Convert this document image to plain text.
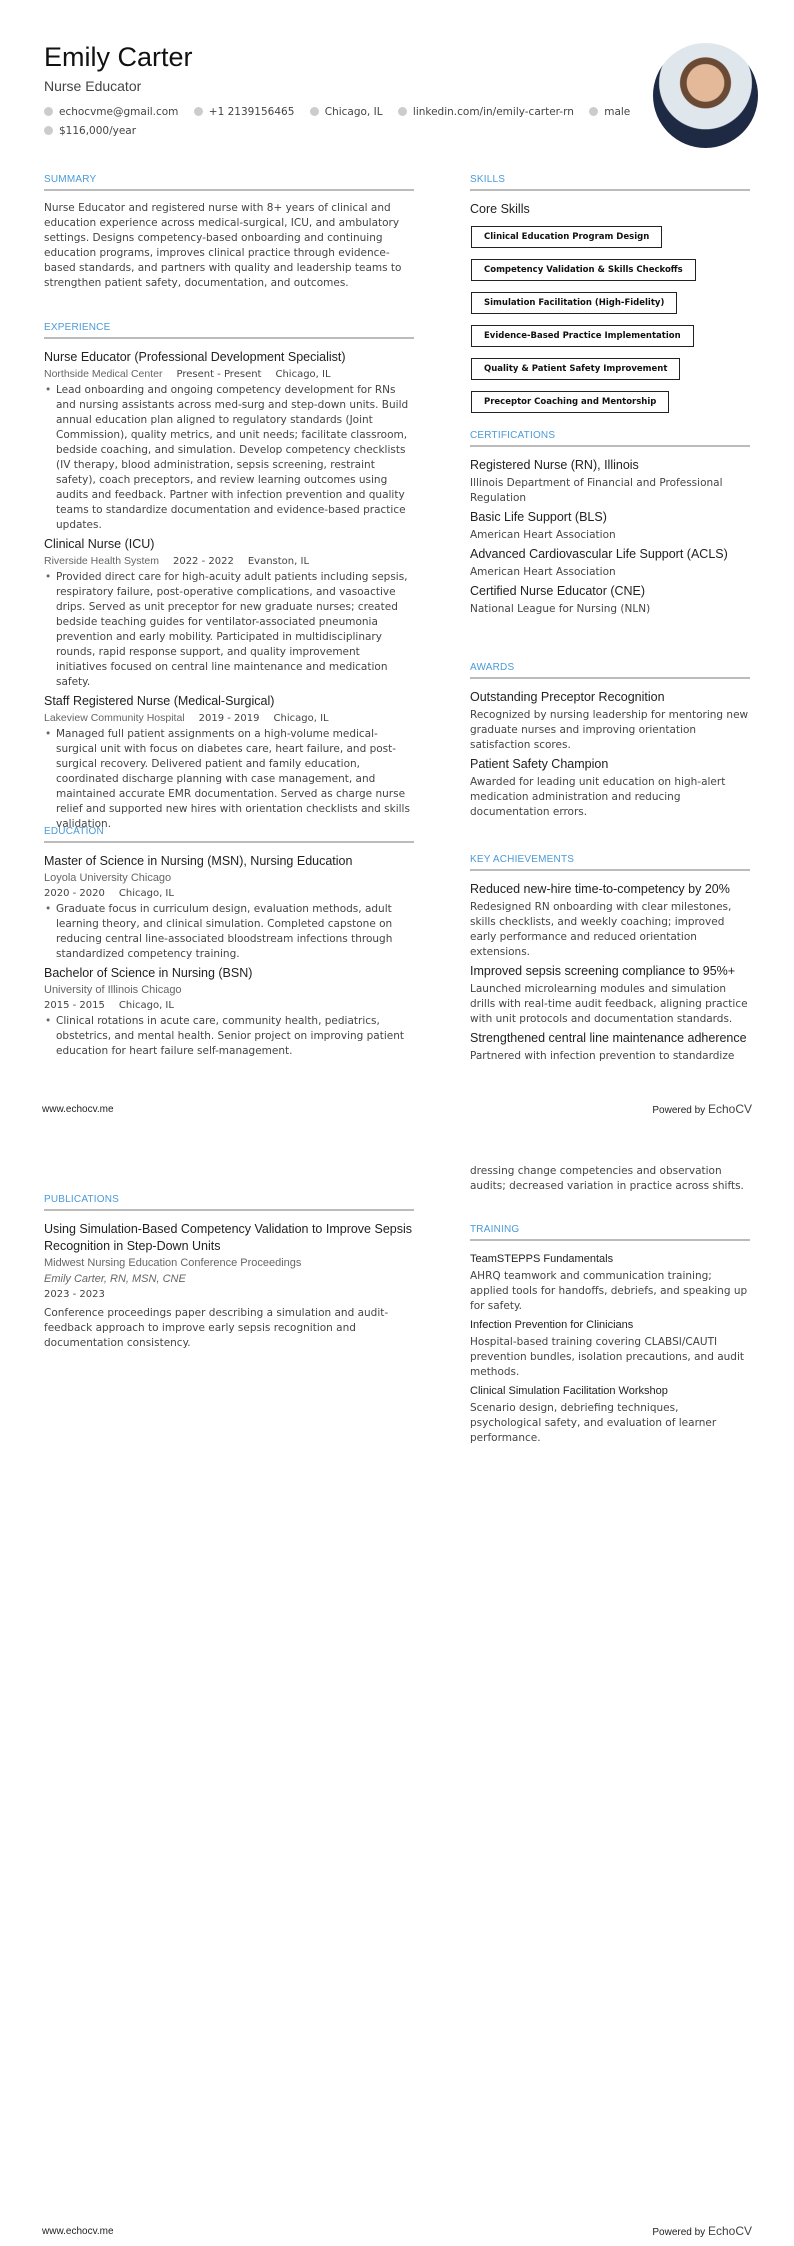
Emily Carter
Nurse Educator
echocvme@gmail.com	+1 2139156465	Chicago, IL	linkedin.com/in/emily-carter-rn	male
$116,000/year
SUMMARY
Nurse Educator and registered nurse with 8+ years of clinical and education experience across medical-surgical, ICU, and ambulatory settings. Designs competency-based onboarding and continuing education programs, improves clinical practice through evidence-based standards, and partners with quality and leadership teams to strengthen patient safety, documentation, and outcomes.
EXPERIENCE
Nurse Educator (Professional Development Specialist)
Northside Medical Center Present - Present Chicago, IL
• Lead onboarding and ongoing competency development for RNs and nursing assistants across med-surg and step-down units. Build annual education plan aligned to regulatory standards (Joint Commission), quality metrics, and unit needs; facilitate classroom, bedside coaching, and simulation. Develop competency checklists (IV therapy, blood administration, sepsis screening, restraint safety), coach preceptors, and review learning outcomes using audits and feedback. Partner with infection prevention and quality teams to standardize documentation and evidence-based practice updates.
Clinical Nurse (ICU)
Riverside Health System 2022 - 2022 Evanston, IL
• Provided direct care for high-acuity adult patients including sepsis, respiratory failure, post-operative complications, and vasoactive drips. Served as unit preceptor for new graduate nurses; created bedside teaching guides for ventilator-associated pneumonia prevention and early mobility. Participated in multidisciplinary rounds, rapid response support, and quality improvement initiatives focused on central line maintenance and medication safety.
Staff Registered Nurse (Medical-Surgical)
Lakeview Community Hospital 2019 - 2019 Chicago, IL
• Managed full patient assignments on a high-volume medical-surgical unit with focus on diabetes care, heart failure, and post-surgical recovery. Delivered patient and family education, coordinated discharge planning with case management, and maintained accurate EMR documentation. Served as charge nurse relief and supported new hires with orientation checklists and skills validation.
EDUCATION
Master of Science in Nursing (MSN), Nursing Education
Loyola University Chicago
2020 - 2020 Chicago, IL
• Graduate focus in curriculum design, evaluation methods, adult learning theory, and clinical simulation. Completed capstone on reducing central line-associated bloodstream infections through standardized competency training.
Bachelor of Science in Nursing (BSN)
University of Illinois Chicago
2015 - 2015 Chicago, IL
• Clinical rotations in acute care, community health, pediatrics, obstetrics, and mental health. Senior project on improving patient education for heart failure self-management.
SKILLS
Core Skills
Clinical Education Program Design
Competency Validation & Skills Checkoffs
Simulation Facilitation (High-Fidelity)
Evidence-Based Practice Implementation
Quality & Patient Safety Improvement
Preceptor Coaching and Mentorship
CERTIFICATIONS
Registered Nurse (RN), Illinois
Illinois Department of Financial and Professional Regulation
Basic Life Support (BLS)
American Heart Association
Advanced Cardiovascular Life Support (ACLS)
American Heart Association
Certified Nurse Educator (CNE)
National League for Nursing (NLN)
AWARDS
Outstanding Preceptor Recognition
Recognized by nursing leadership for mentoring new graduate nurses and improving orientation satisfaction scores.
Patient Safety Champion
Awarded for leading unit education on high-alert medication administration and reducing documentation errors.
KEY ACHIEVEMENTS
Reduced new-hire time-to-competency by 20%
Redesigned RN onboarding with clear milestones, skills checklists, and weekly coaching; improved early performance and reduced orientation extensions.
Improved sepsis screening compliance to 95%+
Launched microlearning modules and simulation drills with real-time audit feedback, aligning practice with unit protocols and documentation standards.
Strengthened central line maintenance adherence
Partnered with infection prevention to standardize
www.echocv.me	Powered by EchoCV
dressing change competencies and observation audits; decreased variation in practice across shifts.
PUBLICATIONS
Using Simulation-Based Competency Validation to Improve Sepsis Recognition in Step-Down Units
Midwest Nursing Education Conference Proceedings
Emily Carter, RN, MSN, CNE
2023 - 2023
Conference proceedings paper describing a simulation and audit-feedback approach to improve early sepsis recognition and documentation consistency.
TRAINING
TeamSTEPPS Fundamentals
AHRQ teamwork and communication training; applied tools for handoffs, debriefs, and speaking up for safety.
Infection Prevention for Clinicians
Hospital-based training covering CLABSI/CAUTI prevention bundles, isolation precautions, and audit methods.
Clinical Simulation Facilitation Workshop
Scenario design, debriefing techniques, psychological safety, and evaluation of learner performance.
www.echocv.me	Powered by EchoCV
